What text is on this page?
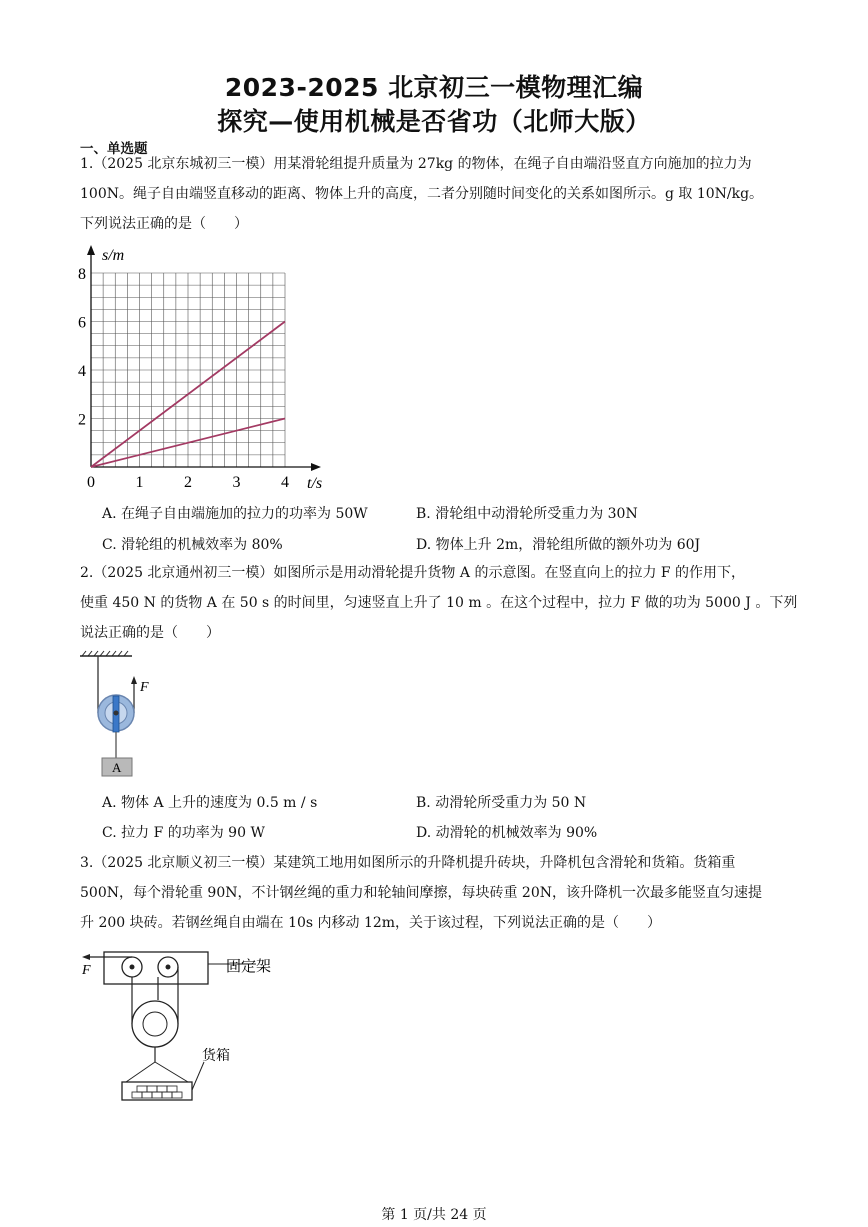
2023-2025 北京初三一模物理汇编
探究—使用机械是否省功（北师大版）
一、单选题
1.（2025 北京东城初三一模）用某滑轮组提升质量为 27kg 的物体，在绳子自由端沿竖直方向施加的拉力为
100N。绳子自由端竖直移动的距离、物体上升的高度，二者分别随时间变化的关系如图所示。g 取 10N/kg。
下列说法正确的是（　　）
0	1	2	3	4
2
4
6
8
s/m
t/s
A. 在绳子自由端施加的拉力的功率为 50W	B. 滑轮组中动滑轮所受重力为 30N
C. 滑轮组的机械效率为 80%	D. 物体上升 2m，滑轮组所做的额外功为 60J
2.（2025 北京通州初三一模）如图所示是用动滑轮提升货物 A 的示意图。在竖直向上的拉力 F 的作用下，
使重 450 N 的货物 A 在 50 s 的时间里，匀速竖直上升了 10 m 。在这个过程中，拉力 F 做的功为 5000 J 。下列
说法正确的是（　　）
F
A
A. 物体 A 上升的速度为 0.5 m / s	B. 动滑轮所受重力为 50 N
C. 拉力 F 的功率为 90 W	D. 动滑轮的机械效率为 90%
3.（2025 北京顺义初三一模）某建筑工地用如图所示的升降机提升砖块，升降机包含滑轮和货箱。货箱重
500N，每个滑轮重 90N，不计钢丝绳的重力和轮轴间摩擦，每块砖重 20N，该升降机一次最多能竖直匀速提
升 200 块砖。若钢丝绳自由端在 10s 内移动 12m，关于该过程，下列说法正确的是（　　）
固定架
F
货箱
第 1 页/共 24 页
